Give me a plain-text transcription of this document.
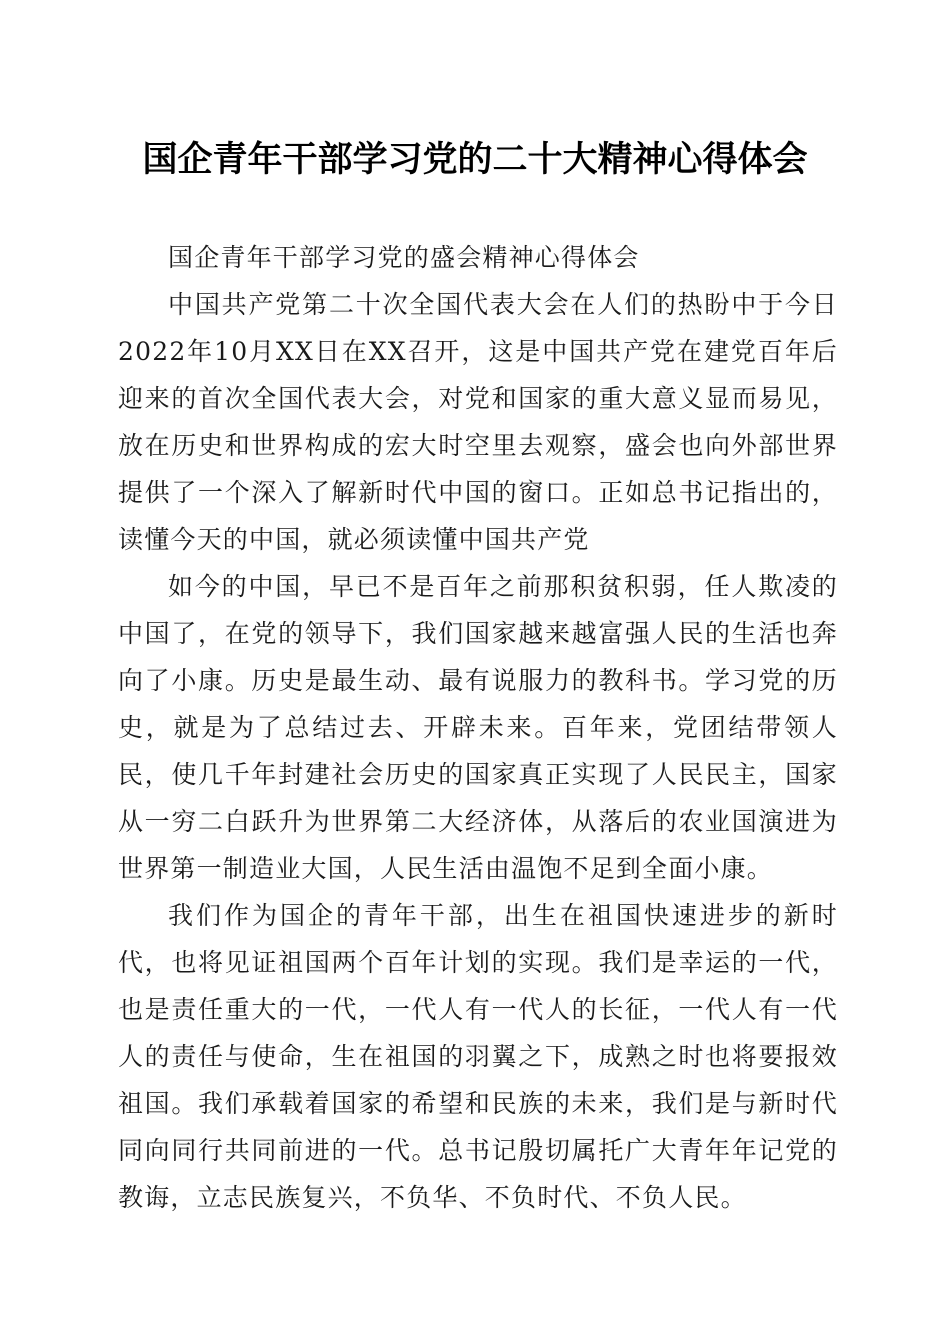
国企青年干部学习党的二十大精神心得体会

国企青年干部学习党的盛会精神心得体会

中国共产党第二十次全国代表大会在人们的热盼中于今日2022年10月XX日在XX召开，这是中国共产党在建党百年后迎来的首次全国代表大会，对党和国家的重大意义显而易见，放在历史和世界构成的宏大时空里去观察，盛会也向外部世界提供了一个深入了解新时代中国的窗口。正如总书记指出的，读懂今天的中国，就必须读懂中国共产党

如今的中国，早已不是百年之前那积贫积弱，任人欺凌的中国了，在党的领导下，我们国家越来越富强人民的生活也奔向了小康。历史是最生动、最有说服力的教科书。学习党的历史，就是为了总结过去、开辟未来。百年来，党团结带领人民，使几千年封建社会历史的国家真正实现了人民民主，国家从一穷二白跃升为世界第二大经济体，从落后的农业国演进为世界第一制造业大国，人民生活由温饱不足到全面小康。

我们作为国企的青年干部，出生在祖国快速进步的新时代，也将见证祖国两个百年计划的实现。我们是幸运的一代，也是责任重大的一代，一代人有一代人的长征，一代人有一代人的责任与使命，生在祖国的羽翼之下，成熟之时也将要报效祖国。我们承载着国家的希望和民族的未来，我们是与新时代同向同行共同前进的一代。总书记殷切属托广大青年年记党的教诲，立志民族复兴，不负华、不负时代、不负人民。
